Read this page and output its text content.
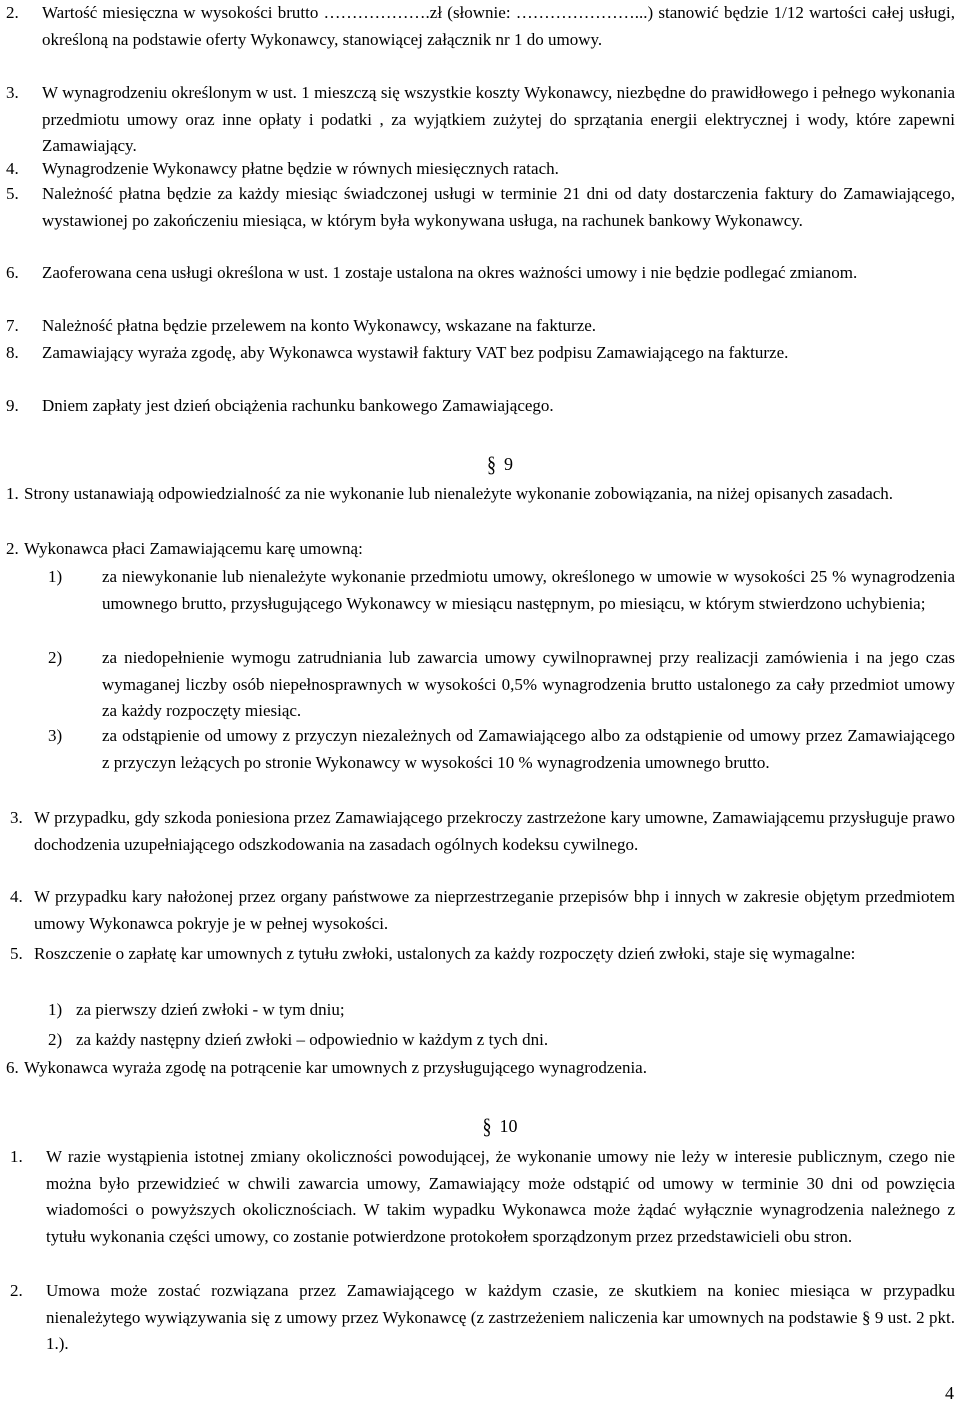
2. Wartość miesięczna w wysokości brutto ……………….zł (słownie: …………………...) stanowić będzie 1/12 wartości całej usługi, określoną na podstawie oferty Wykonawcy, stanowiącej załącznik nr 1 do umowy.
3. W wynagrodzeniu określonym w ust. 1 mieszczą się wszystkie koszty Wykonawcy, niezbędne do prawidłowego i pełnego wykonania przedmiotu umowy oraz inne opłaty i podatki , za wyjątkiem zużytej do sprzątania energii elektrycznej i wody, które zapewni Zamawiający.
4. Wynagrodzenie Wykonawcy płatne będzie w równych miesięcznych ratach.
5. Należność płatna będzie za każdy miesiąc świadczonej usługi w terminie 21 dni od daty dostarczenia faktury do Zamawiającego, wystawionej po zakończeniu miesiąca, w którym była wykonywana usługa, na rachunek bankowy Wykonawcy.
6. Zaoferowana cena usługi określona w ust. 1 zostaje ustalona na okres ważności umowy i nie będzie podlegać zmianom.
7. Należność płatna będzie przelewem na konto Wykonawcy, wskazane na fakturze.
8. Zamawiający wyraża zgodę, aby Wykonawca wystawił faktury VAT bez podpisu Zamawiającego na fakturze.
9. Dniem zapłaty jest dzień obciążenia rachunku bankowego Zamawiającego.
§ 9
1. Strony ustanawiają odpowiedzialność za nie wykonanie lub nienależyte wykonanie zobowiązania, na niżej opisanych zasadach.
2. Wykonawca płaci Zamawiającemu karę umowną:
1) za niewykonanie lub nienależyte wykonanie przedmiotu umowy, określonego w umowie w wysokości 25 % wynagrodzenia umownego brutto, przysługującego Wykonawcy w miesiącu następnym, po miesiącu, w którym stwierdzono uchybienia;
2) za niedopełnienie wymogu zatrudniania lub zawarcia umowy cywilnoprawnej przy realizacji zamówienia i na jego czas wymaganej liczby osób niepełnosprawnych w wysokości 0,5% wynagrodzenia brutto ustalonego za cały przedmiot umowy za każdy rozpoczęty miesiąc.
3) za odstąpienie od umowy z przyczyn niezależnych od Zamawiającego albo za odstąpienie od umowy przez Zamawiającego z przyczyn leżących po stronie Wykonawcy w wysokości 10 % wynagrodzenia umownego brutto.
3. W przypadku, gdy szkoda poniesiona przez Zamawiającego przekroczy zastrzeżone kary umowne, Zamawiającemu przysługuje prawo dochodzenia uzupełniającego odszkodowania na zasadach ogólnych kodeksu cywilnego.
4. W przypadku kary nałożonej przez organy państwowe za nieprzestrzeganie przepisów bhp i innych w zakresie objętym przedmiotem umowy Wykonawca pokryje je w pełnej wysokości.
5. Roszczenie o zapłatę kar umownych z tytułu zwłoki, ustalonych za każdy rozpoczęty dzień zwłoki, staje się wymagalne:
1) za pierwszy dzień zwłoki - w tym dniu;
2) za każdy następny dzień zwłoki – odpowiednio w każdym z tych dni.
6. Wykonawca wyraża zgodę na potrącenie kar umownych z przysługującego wynagrodzenia.
§ 10
1. W razie wystąpienia istotnej zmiany okoliczności powodującej, że wykonanie umowy nie leży w interesie publicznym, czego nie można było przewidzieć w chwili zawarcia umowy, Zamawiający może odstąpić od umowy w terminie 30 dni od powzięcia wiadomości o powyższych okolicznościach. W takim wypadku Wykonawca może żądać wyłącznie wynagrodzenia należnego z tytułu wykonania części umowy, co zostanie potwierdzone protokołem sporządzonym przez przedstawicieli obu stron.
2. Umowa może zostać rozwiązana przez Zamawiającego w każdym czasie, ze skutkiem na koniec miesiąca w przypadku nienależytego wywiązywania się z umowy przez Wykonawcę (z zastrzeżeniem naliczenia kar umownych na podstawie § 9 ust. 2 pkt. 1.).
4
